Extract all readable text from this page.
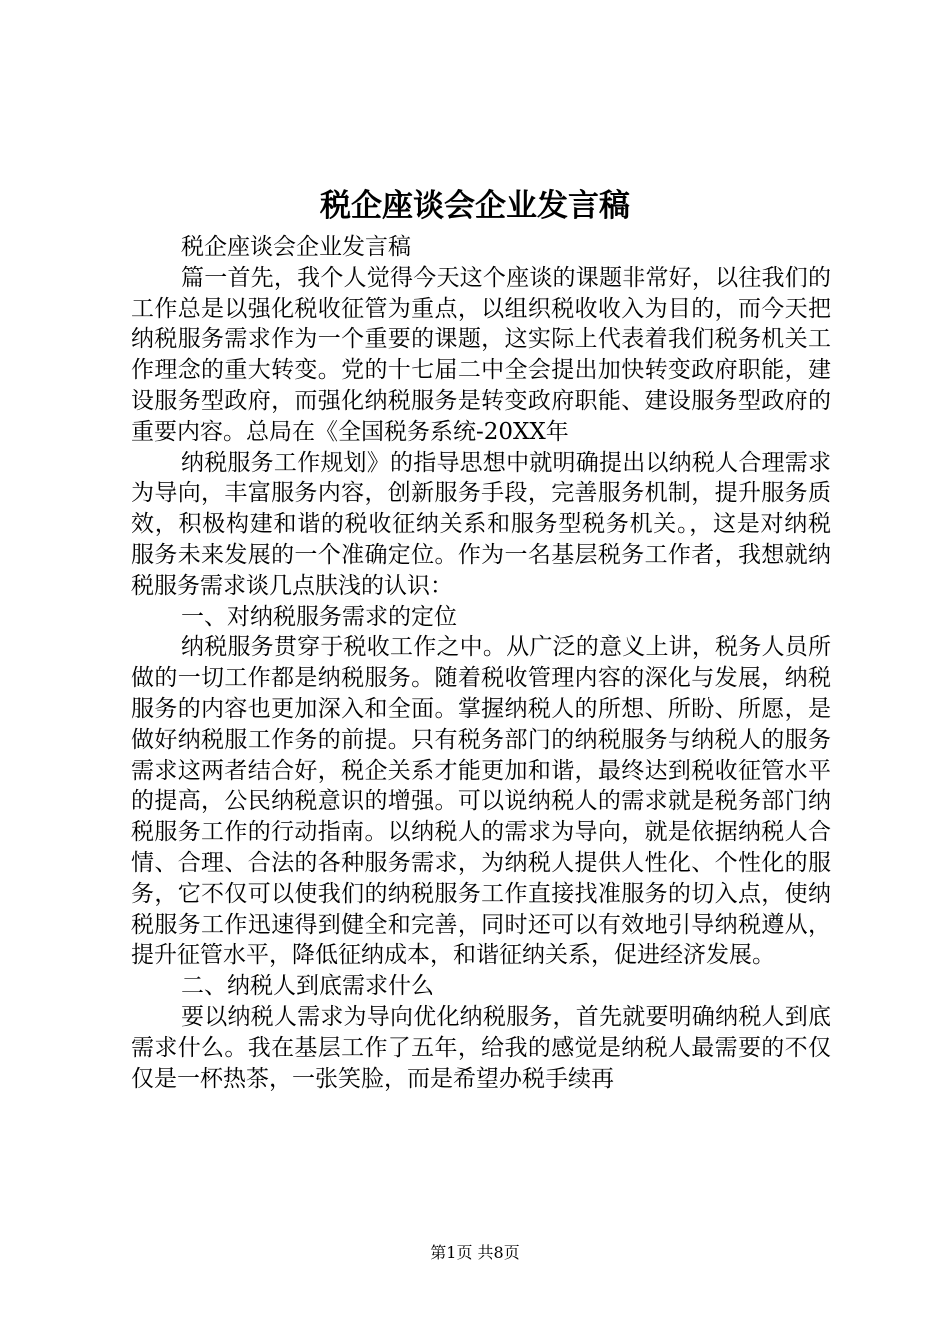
税企座谈会企业发言稿

税企座谈会企业发言稿

篇一首先，我个人觉得今天这个座谈的课题非常好，以往我们的工作总是以强化税收征管为重点，以组织税收收入为目的，而今天把纳税服务需求作为一个重要的课题，这实际上代表着我们税务机关工作理念的重大转变。党的十七届二中全会提出加快转变政府职能，建设服务型政府，而强化纳税服务是转变政府职能、建设服务型政府的重要内容。总局在《全国税务系统-20XX年

纳税服务工作规划》的指导思想中就明确提出以纳税人合理需求为导向，丰富服务内容，创新服务手段，完善服务机制，提升服务质效，积极构建和谐的税收征纳关系和服务型税务机关。，这是对纳税服务未来发展的一个准确定位。作为一名基层税务工作者，我想就纳税服务需求谈几点肤浅的认识：

一、对纳税服务需求的定位

纳税服务贯穿于税收工作之中。从广泛的意义上讲，税务人员所做的一切工作都是纳税服务。随着税收管理内容的深化与发展，纳税服务的内容也更加深入和全面。掌握纳税人的所想、所盼、所愿，是做好纳税服工作务的前提。只有税务部门的纳税服务与纳税人的服务需求这两者结合好，税企关系才能更加和谐，最终达到税收征管水平的提高，公民纳税意识的增强。可以说纳税人的需求就是税务部门纳税服务工作的行动指南。以纳税人的需求为导向，就是依据纳税人合情、合理、合法的各种服务需求，为纳税人提供人性化、个性化的服务，它不仅可以使我们的纳税服务工作直接找准服务的切入点，使纳税服务工作迅速得到健全和完善，同时还可以有效地引导纳税遵从，提升征管水平，降低征纳成本，和谐征纳关系，促进经济发展。

二、纳税人到底需求什么

要以纳税人需求为导向优化纳税服务，首先就要明确纳税人到底需求什么。我在基层工作了五年，给我的感觉是纳税人最需要的不仅仅是一杯热茶，一张笑脸，而是希望办税手续再

第1页 共8页
